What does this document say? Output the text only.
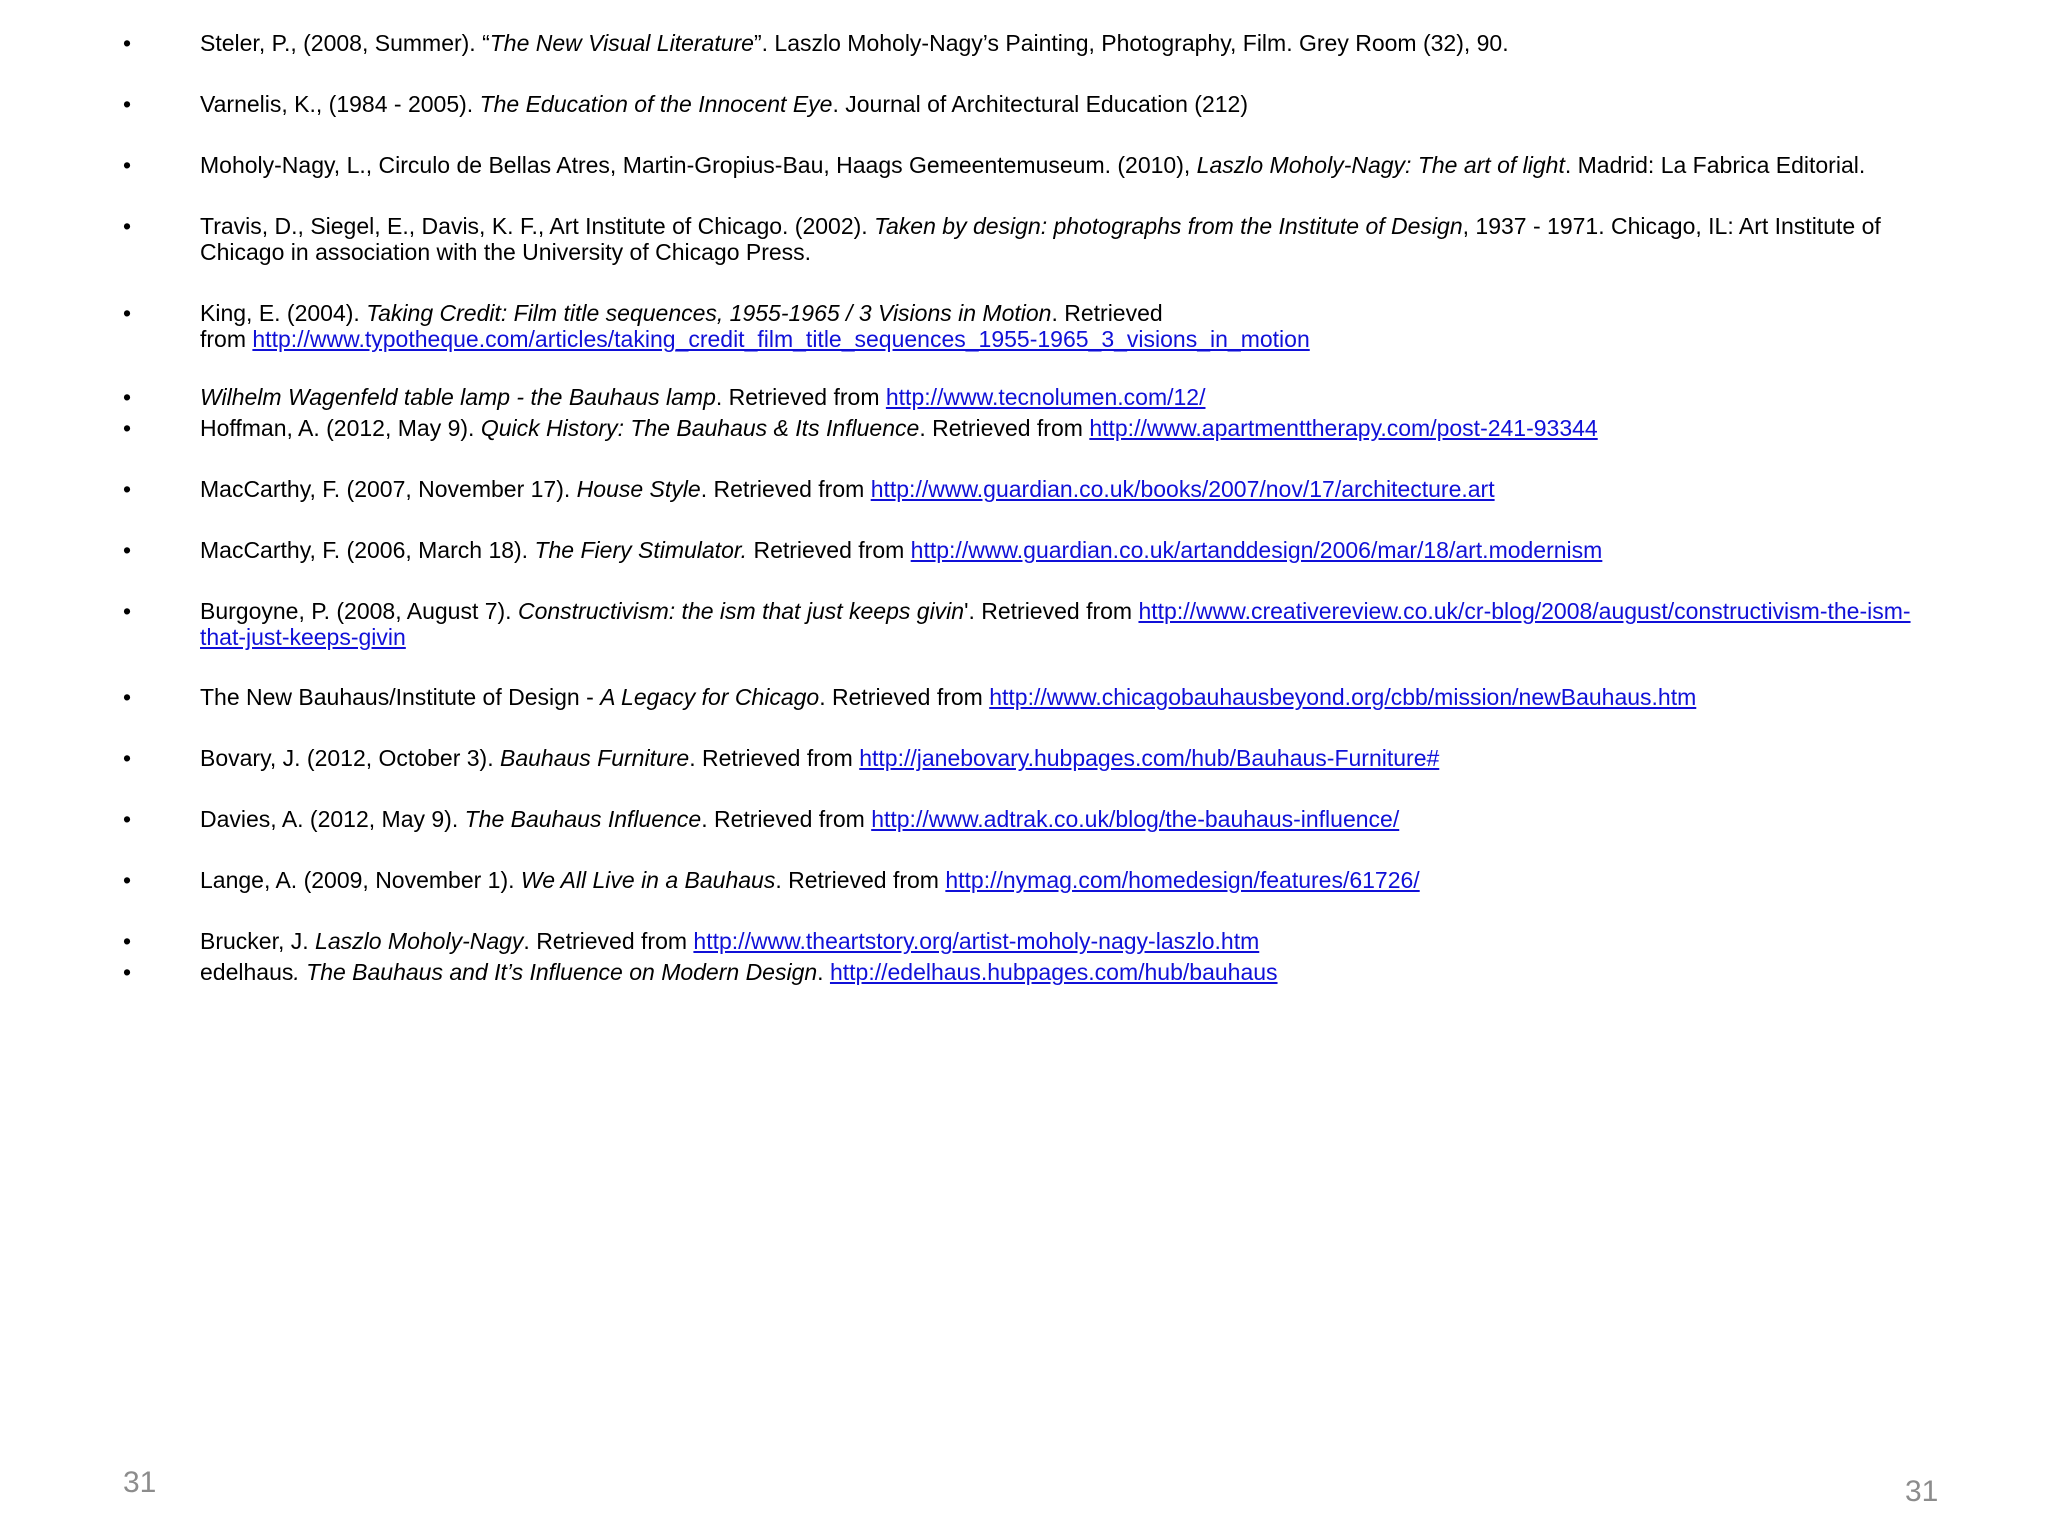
•	Steler, P., (2008, Summer). “The New Visual Literature”. Laszlo Moholy-Nagy’s Painting, Photography, Film. Grey Room (32), 90.
•	Varnelis, K., (1984 - 2005). The Education of the Innocent Eye. Journal of Architectural Education (212)
•	Moholy-Nagy, L., Circulo de Bellas Atres, Martin-Gropius-Bau, Haags Gemeentemuseum. (2010), Laszlo Moholy-Nagy: The art of light. Madrid: La Fabrica Editorial.
•	Travis, D., Siegel, E., Davis, K. F., Art Institute of Chicago. (2002). Taken by design: photographs from the Institute of Design, 1937 - 1971. Chicago, IL: Art Institute of Chicago in association with the University of Chicago Press.
•	King, E. (2004). Taking Credit: Film title sequences, 1955-1965 / 3 Visions in Motion. Retrieved
from http://www.typotheque.com/articles/taking_credit_film_title_sequences_1955-1965_3_visions_in_motion
•	Wilhelm Wagenfeld table lamp - the Bauhaus lamp. Retrieved from http://www.tecnolumen.com/12/
•	Hoffman, A. (2012, May 9). Quick History: The Bauhaus & Its Influence. Retrieved from http://www.apartmenttherapy.com/post-241-93344
•	MacCarthy, F. (2007, November 17). House Style. Retrieved from http://www.guardian.co.uk/books/2007/nov/17/architecture.art
•	MacCarthy, F. (2006, March 18). The Fiery Stimulator. Retrieved from http://www.guardian.co.uk/artanddesign/2006/mar/18/art.modernism
•	Burgoyne, P. (2008, August 7). Constructivism: the ism that just keeps givin'. Retrieved from http://www.creativereview.co.uk/cr-blog/2008/august/constructivism-the-ism-that-just-keeps-givin
•	The New Bauhaus/Institute of Design - A Legacy for Chicago. Retrieved from http://www.chicagobauhausbeyond.org/cbb/mission/newBauhaus.htm
•	Bovary, J. (2012, October 3). Bauhaus Furniture. Retrieved from http://janebovary.hubpages.com/hub/Bauhaus-Furniture#
•	Davies, A. (2012, May 9). The Bauhaus Influence. Retrieved from http://www.adtrak.co.uk/blog/the-bauhaus-influence/
•	Lange, A. (2009, November 1). We All Live in a Bauhaus. Retrieved from http://nymag.com/homedesign/features/61726/
•	Brucker, J. Laszlo Moholy-Nagy. Retrieved from http://www.theartstory.org/artist-moholy-nagy-laszlo.htm
•	edelhaus. The Bauhaus and It’s Influence on Modern Design. http://edelhaus.hubpages.com/hub/bauhaus
31	31
